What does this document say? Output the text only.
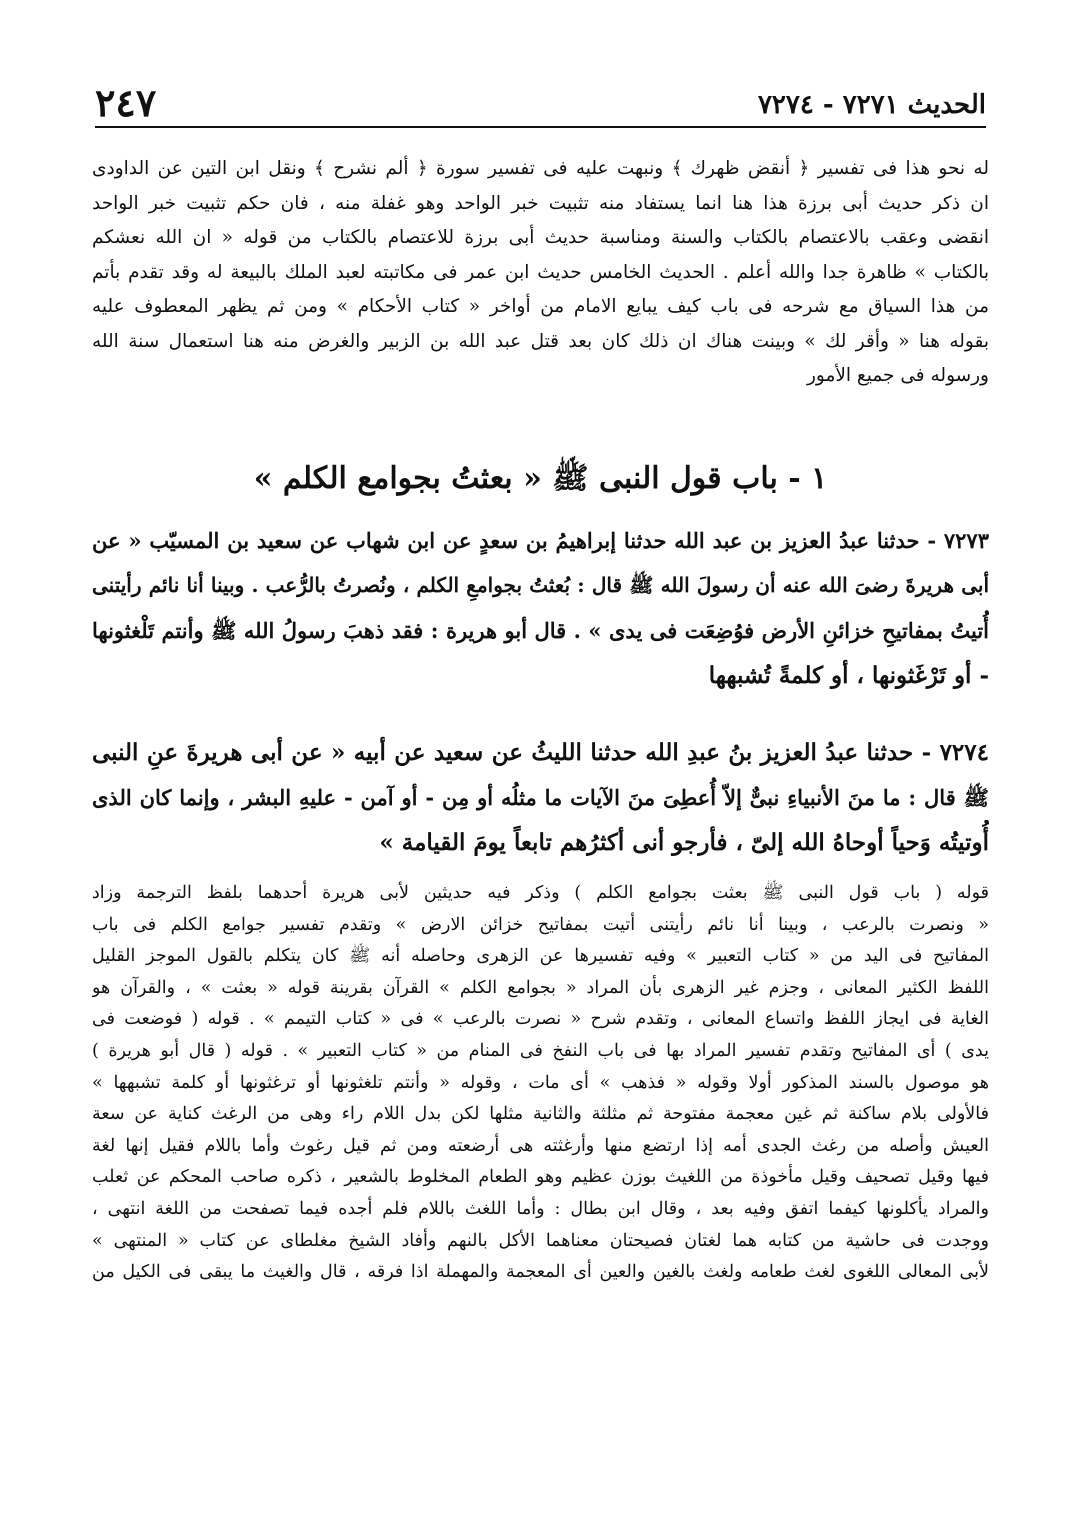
٢٤٧	الحديث ٧٢٧١ - ٧٢٧٤
له نحو هذا فى تفسير ﴿ أنقض ظهرك ﴾ ونبهت عليه فى تفسير سورة ﴿ ألم نشرح ﴾ ونقل ابن التين عن الداودى
ان ذكر حديث أبى برزة هذا هنا انما يستفاد منه تثبيت خبر الواحد وهو غفلة منه ، فان حكم تثبيت خبر الواحد
انقضى وعقب بالاعتصام بالكتاب والسنة ومناسبة حديث أبى برزة للاعتصام بالكتاب من قوله « ان الله نعشكم
بالكتاب » ظاهرة جدا والله أعلم . الحديث الخامس حديث ابن عمر فى مكاتبته لعبد الملك بالبيعة له وقد تقدم بأتم
من هذا السياق مع شرحه فى باب كيف يبايع الامام من أواخر « كتاب الأحكام » ومن ثم يظهر المعطوف عليه
بقوله هنا « وأقر لك » وبينت هناك ان ذلك كان بعد قتل عبد الله بن الزبير والغرض منه هنا استعمال سنة الله
ورسوله فى جميع الأمور
١ - باب قول النبى ﷺ « بعثتُ بجوامع الكلم »
٧٢٧٣ - حدثنا عبدُ العزيز بن عبد الله حدثنا إبراهيمُ بن سعدٍ عن ابن شهاب عن سعيد بن المسيّب « عن
أبى هريرةَ رضىَ الله عنه أن رسولَ الله ﷺ قال : بُعثتُ بجوامعِ الكلم ، ونُصرتُ بالرُّعب . وبينا أنا نائم رأيتنى
أُتيتُ بمفاتيحِ خزائنِ الأرض فوُضِعَت فى يدى » . قال أبو هريرة : فقد ذهبَ رسولُ الله ﷺ وأنتم تَلْغثونها
- أو تَرْغَثونها ، أو كلمةً تُشبهها
٧٢٧٤ - حدثنا عبدُ العزيز بنُ عبدِ الله حدثنا الليثُ عن سعيد عن أبيه « عن أبى هريرةَ عنِ النبى
ﷺ قال : ما منَ الأنبياءِ نبىٌّ إلاّ أُعطِىَ منَ الآيات ما مثلُه أو مِن - أو آمن - عليهِ البشر ، وإنما كان الذى
أُوتيتُه وَحياً أوحاهُ الله إلىّ ، فأرجو أنى أكثرُهم تابعاً يومَ القيامة »
قوله ( باب قول النبى ﷺ بعثت بجوامع الكلم ) وذكر فيه حديثين لأبى هريرة أحدهما بلفظ الترجمة وزاد
« ونصرت بالرعب ، وبينا أنا نائم رأيتنى أتيت بمفاتيح خزائن الارض » وتقدم تفسير جوامع الكلم فى باب
المفاتيح فى اليد من « كتاب التعبير » وفيه تفسيرها عن الزهرى وحاصله أنه ﷺ كان يتكلم بالقول الموجز القليل
اللفظ الكثير المعانى ، وجزم غير الزهرى بأن المراد « بجوامع الكلم » القرآن بقرينة قوله « بعثت » ، والقرآن هو
الغاية فى ايجاز اللفظ واتساع المعانى ، وتقدم شرح « نصرت بالرعب » فى « كتاب التيمم » . قوله ( فوضعت فى
يدى ) أى المفاتيح وتقدم تفسير المراد بها فى باب النفخ فى المنام من « كتاب التعبير » . قوله ( قال أبو هريرة )
هو موصول بالسند المذكور أولا وقوله « فذهب » أى مات ، وقوله « وأنتم تلغثونها أو ترغثونها أو كلمة تشبهها »
فالأولى بلام ساكنة ثم غين معجمة مفتوحة ثم مثلثة والثانية مثلها لكن بدل اللام راء وهى من الرغث كناية عن سعة
العيش وأصله من رغث الجدى أمه إذا ارتضع منها وأرغثته هى أرضعته ومن ثم قيل رغوث وأما باللام فقيل إنها لغة
فيها وقيل تصحيف وقيل مأخوذة من اللغيث بوزن عظيم وهو الطعام المخلوط بالشعير ، ذكره صاحب المحكم عن ثعلب
والمراد يأكلونها كيفما اتفق وفيه بعد ، وقال ابن بطال : وأما اللغث باللام فلم أجده فيما تصفحت من اللغة انتهى ،
ووجدت فى حاشية من كتابه هما لغتان فصيحتان معناهما الأكل بالنهم وأفاد الشيخ مغلطاى عن كتاب « المنتهى »
لأبى المعالى اللغوى لغث طعامه ولغث بالغين والعين أى المعجمة والمهملة اذا فرقه ، قال والغيث ما يبقى فى الكيل من
